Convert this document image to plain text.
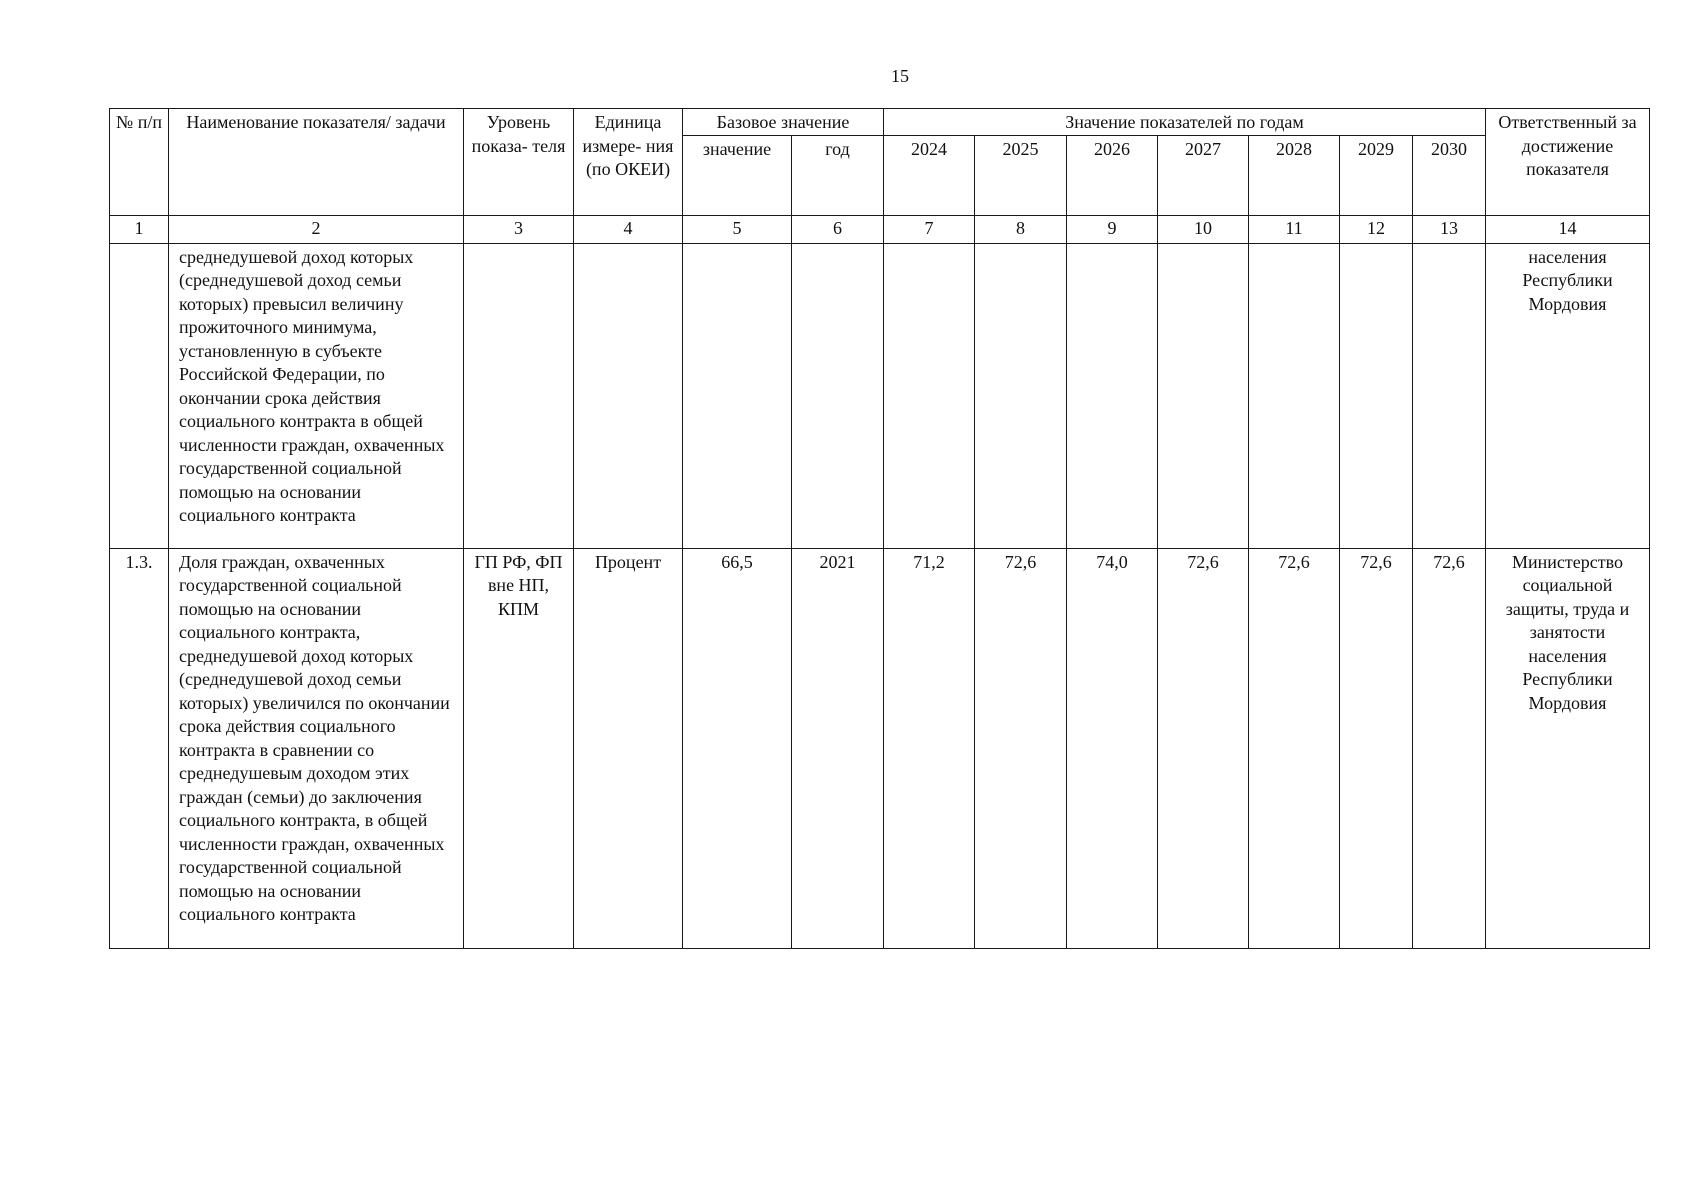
15
№ п/п	Наименование показателя/ задачи	Уровень показа- теля	Единица измере- ния (по ОКЕИ)	Базовое значение		Значение показателей по годам							Ответственный за достижение показателя
				значение	год	2024	2025	2026	2027	2028	2029	2030	
1	2	3	4	5	6	7	8	9	10	11	12	13	14
	среднедушевой доход которых (среднедушевой доход семьи которых) превысил величину прожиточного минимума, установленную в субъекте Российской Федерации, по окончании срока действия социального контракта в общей численности граждан, охваченных государственной социальной помощью на основании социального контракта												населения Республики Мордовия
1.3.	Доля граждан, охваченных государственной социальной помощью на основании социального контракта, среднедушевой доход которых (среднедушевой доход семьи которых) увеличился по окончании срока действия социального контракта в сравнении со среднедушевым доходом этих граждан (семьи) до заключения социального контракта, в общей численности граждан, охваченных государственной социальной помощью на основании социального контракта	ГП РФ, ФП вне НП, КПМ	Процент	66,5	2021	71,2	72,6	74,0	72,6	72,6	72,6	72,6	Министерство социальной защиты, труда и занятости населения Республики Мордовия
